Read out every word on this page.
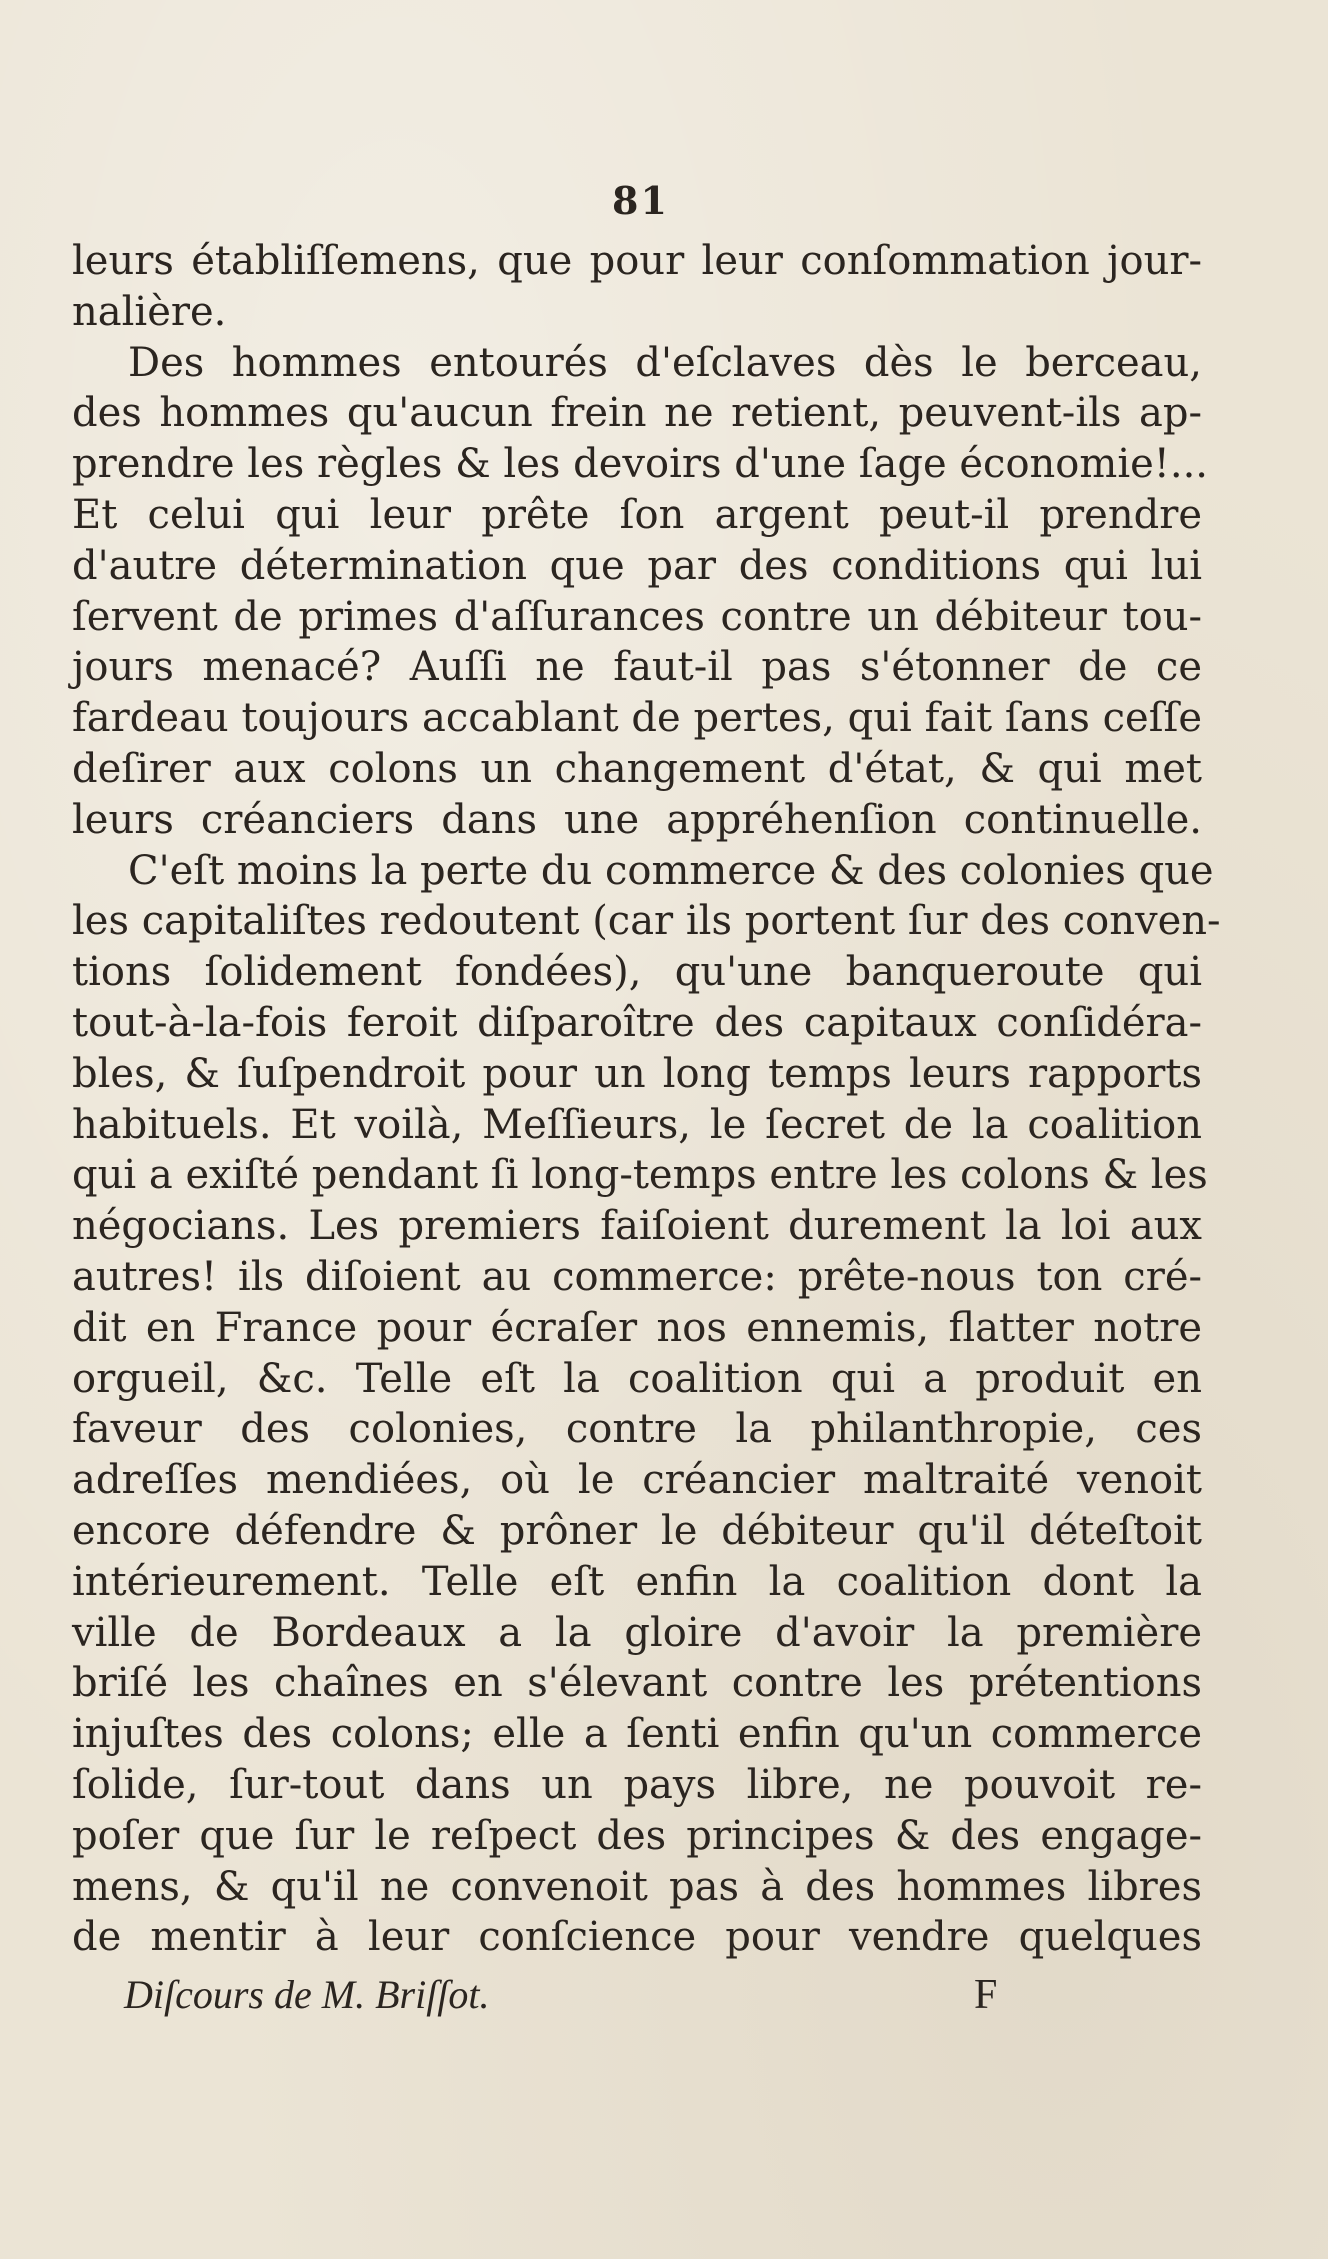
81
leurs établiſſemens, que pour leur conſommation jour-
nalière.
Des hommes entourés d'eſclaves dès le berceau,
des hommes qu'aucun frein ne retient, peuvent-ils ap-
prendre les règles & les devoirs d'une ſage économie!...
Et celui qui leur prête ſon argent peut-il prendre
d'autre détermination que par des conditions qui lui
ſervent de primes d'aſſurances contre un débiteur tou-
jours menacé? Auſſi ne faut-il pas s'étonner de ce
fardeau toujours accablant de pertes, qui fait ſans ceſſe
deſirer aux colons un changement d'état, & qui met
leurs créanciers dans une appréhenſion continuelle.
C'eſt moins la perte du commerce & des colonies que
les capitaliſtes redoutent (car ils portent ſur des conven-
tions ſolidement fondées), qu'une banqueroute qui
tout-à-la-fois feroit diſparoître des capitaux conſidéra-
bles, & ſuſpendroit pour un long temps leurs rapports
habituels. Et voilà, Meſſieurs, le ſecret de la coalition
qui a exiſté pendant ſi long-temps entre les colons & les
négocians. Les premiers faiſoient durement la loi aux
autres! ils diſoient au commerce: prête-nous ton cré-
dit en France pour écraſer nos ennemis, flatter notre
orgueil, &c. Telle eſt la coalition qui a produit en
faveur des colonies, contre la philanthropie, ces
adreſſes mendiées, où le créancier maltraité venoit
encore défendre & prôner le débiteur qu'il déteſtoit
intérieurement. Telle eſt enfin la coalition dont la
ville de Bordeaux a la gloire d'avoir la première
briſé les chaînes en s'élevant contre les prétentions
injuſtes des colons; elle a ſenti enfin qu'un commerce
ſolide, ſur-tout dans un pays libre, ne pouvoit re-
poſer que ſur le reſpect des principes & des engage-
mens, & qu'il ne convenoit pas à des hommes libres
de mentir à leur conſcience pour vendre quelques
Diſcours de M. Briſſot.	F
